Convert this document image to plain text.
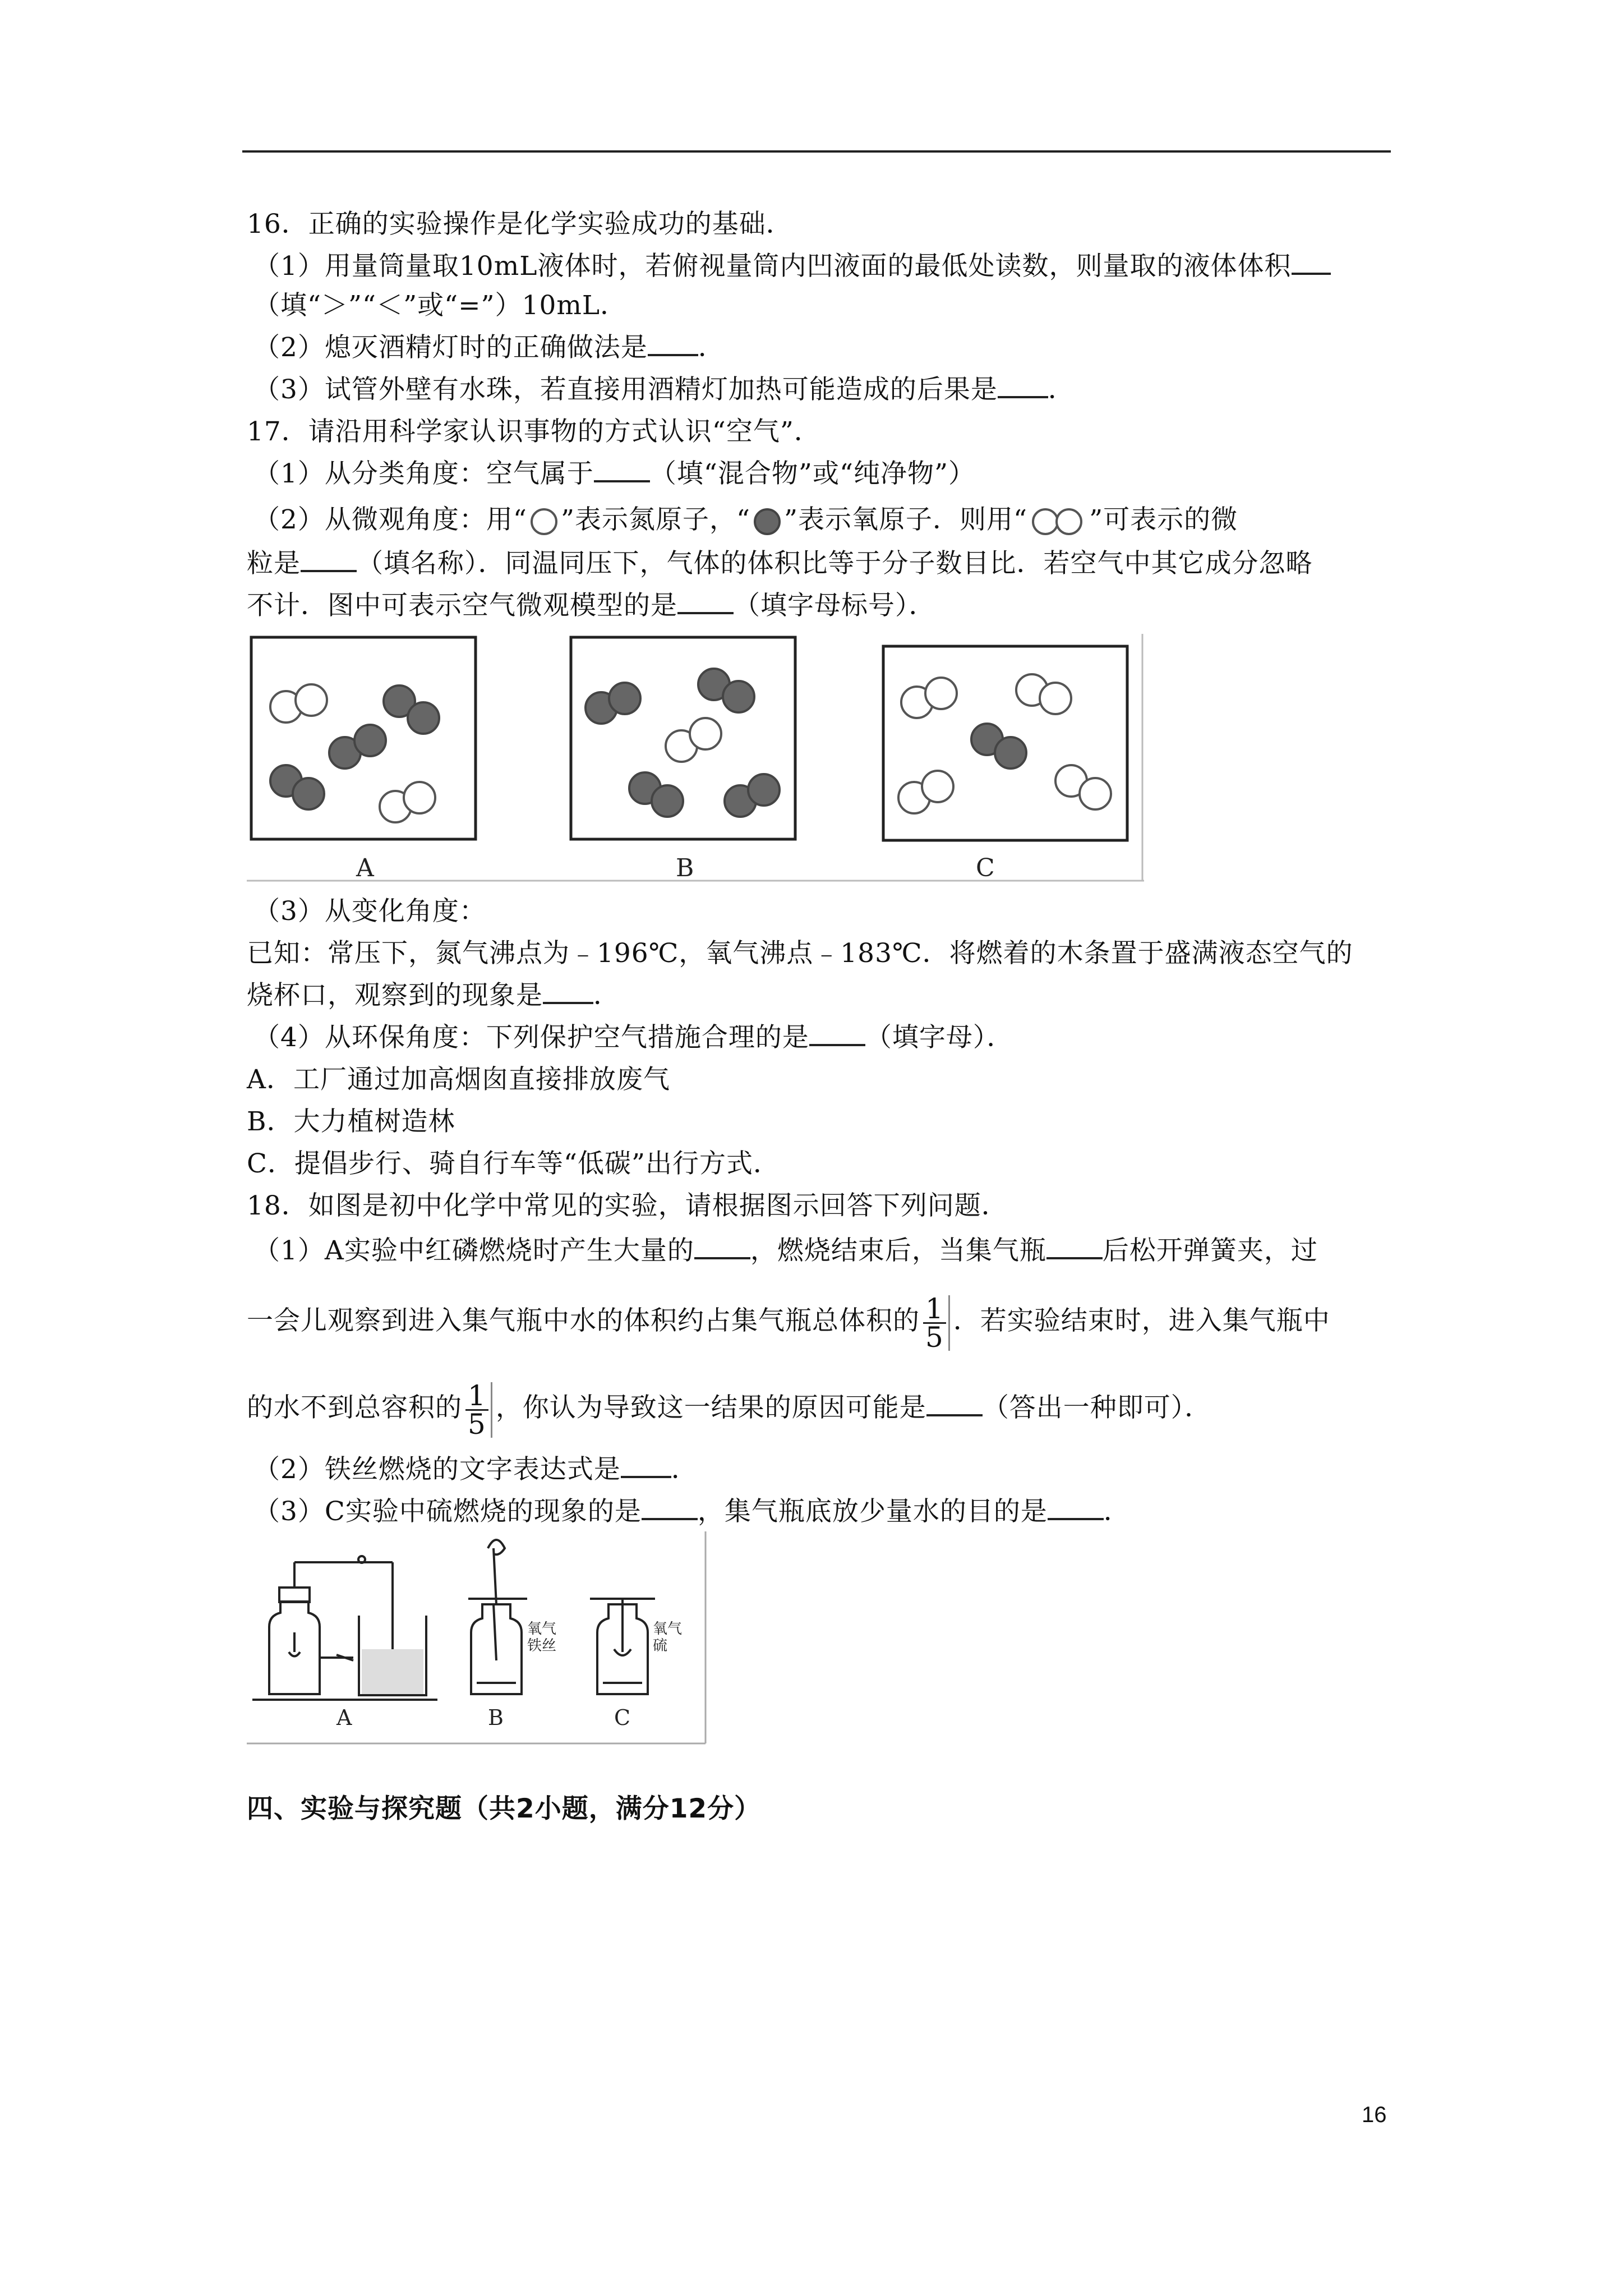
16．正确的实验操作是化学实验成功的基础．
（1）用量筒量取10mL液体时，若俯视量筒内凹液面的最低处读数，则量取的液体体积
（填“＞”“＜”或“=”）10mL．
（2）熄灭酒精灯时的正确做法是 ．
（3）试管外壁有水珠，若直接用酒精灯加热可能造成的后果是 ．
17．请沿用科学家认识事物的方式认识“空气”．
（1）从分类角度：空气属于 （填“混合物”或“纯净物”）
（2）从微观角度：用“ ”表示氮原子，“ ”表示氧原子．则用“ ”可表示的微
粒是 （填名称）．同温同压下，气体的体积比等于分子数目比．若空气中其它成分忽略
不计．图中可表示空气微观模型的是 （填字母标号）．
A	B	C
（3）从变化角度：
已知：常压下，氮气沸点为﹣196℃，氧气沸点﹣183℃．将燃着的木条置于盛满液态空气的
烧杯口，观察到的现象是 ．
（4）从环保角度：下列保护空气措施合理的是 （填字母）．
A．工厂通过加高烟囱直接排放废气
B．大力植树造林
C．提倡步行、骑自行车等“低碳”出行方式．
18．如图是初中化学中常见的实验，请根据图示回答下列问题．
（1）A实验中红磷燃烧时产生大量的 ，燃烧结束后，当集气瓶 后松开弹簧夹，过
一会儿观察到进入集气瓶中水的体积约占集气瓶总体积的 $\frac{1}{5}$ ．若实验结束时，进入集气瓶中
的水不到总容积的 $\frac{1}{5}$ ，你认为导致这一结果的原因可能是 （答出一种即可）．
（2）铁丝燃烧的文字表达式是 ．
（3）C实验中硫燃烧的现象的是 ，集气瓶底放少量水的目的是 ．
氧气
铁丝
氧气
硫
A	B	C
四、实验与探究题（共2小题，满分12分）
16
